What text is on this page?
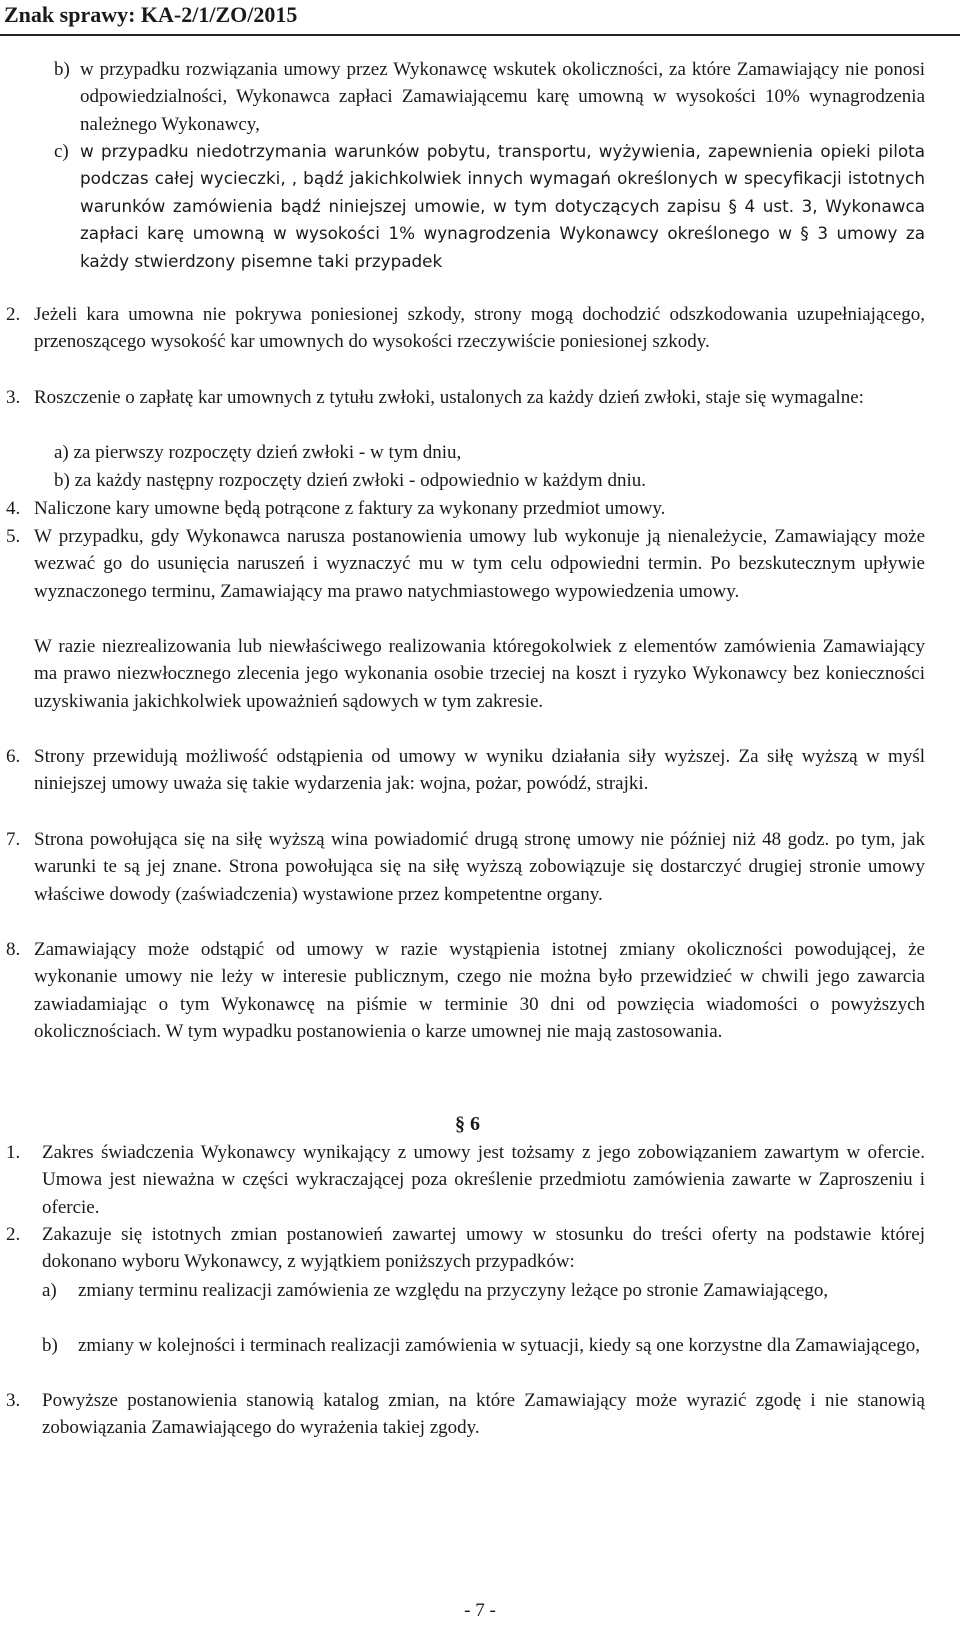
Znak sprawy: KA-2/1/ZO/2015
b) w przypadku rozwiązania umowy przez Wykonawcę wskutek okoliczności, za które Zamawiający nie ponosi odpowiedzialności, Wykonawca zapłaci Zamawiającemu karę umowną w wysokości 10% wynagrodzenia należnego Wykonawcy,
c) w przypadku niedotrzymania warunków pobytu, transportu, wyżywienia, zapewnienia opieki pilota podczas całej wycieczki, , bądź jakichkolwiek innych wymagań określonych w specyfikacji istotnych warunków zamówienia bądź niniejszej umowie, w tym dotyczących zapisu § 4 ust. 3, Wykonawca zapłaci karę umowną w wysokości 1% wynagrodzenia Wykonawcy określonego w § 3 umowy za każdy stwierdzony pisemne taki przypadek
2. Jeżeli kara umowna nie pokrywa poniesionej szkody, strony mogą dochodzić odszkodowania uzupełniającego, przenoszącego wysokość kar umownych do wysokości rzeczywiście poniesionej szkody.
3. Roszczenie o zapłatę kar umownych z tytułu zwłoki, ustalonych za każdy dzień zwłoki, staje się wymagalne:
a) za pierwszy rozpoczęty dzień zwłoki - w tym dniu,
b) za każdy następny rozpoczęty dzień zwłoki - odpowiednio w każdym dniu.
4. Naliczone kary umowne będą potrącone z faktury za wykonany przedmiot umowy.
5. W przypadku, gdy Wykonawca narusza postanowienia umowy lub wykonuje ją nienależycie, Zamawiający może wezwać go do usunięcia naruszeń i wyznaczyć mu w tym celu odpowiedni termin. Po bezskutecznym upływie wyznaczonego terminu, Zamawiający ma prawo natychmiastowego wypowiedzenia umowy.
W razie niezrealizowania lub niewłaściwego realizowania któregokolwiek z elementów zamówienia Zamawiający ma prawo niezwłocznego zlecenia jego wykonania osobie trzeciej na koszt i ryzyko Wykonawcy bez konieczności uzyskiwania jakichkolwiek upoważnień sądowych w tym zakresie.
6. Strony przewidują możliwość odstąpienia od umowy w wyniku działania siły wyższej. Za siłę wyższą w myśl niniejszej umowy uważa się takie wydarzenia jak: wojna, pożar, powódź, strajki.
7. Strona powołująca się na siłę wyższą wina powiadomić drugą stronę umowy nie później niż 48 godz. po tym, jak warunki te są jej znane. Strona powołująca się na siłę wyższą zobowiązuje się dostarczyć drugiej stronie umowy właściwe dowody (zaświadczenia) wystawione przez kompetentne organy.
8. Zamawiający może odstąpić od umowy w razie wystąpienia istotnej zmiany okoliczności powodującej, że wykonanie umowy nie leży w interesie publicznym, czego nie można było przewidzieć w chwili jego zawarcia zawiadamiając o tym Wykonawcę na piśmie w terminie 30 dni od powzięcia wiadomości o powyższych okolicznościach. W tym wypadku postanowienia o karze umownej nie mają zastosowania.
§ 6
1. Zakres świadczenia Wykonawcy wynikający z umowy jest tożsamy z jego zobowiązaniem zawartym w ofercie. Umowa jest nieważna w części wykraczającej poza określenie przedmiotu zamówienia zawarte w Zaproszeniu i ofercie.
2. Zakazuje się istotnych zmian postanowień zawartej umowy w stosunku do treści oferty na podstawie której dokonano wyboru Wykonawcy, z wyjątkiem poniższych przypadków:
a) zmiany terminu realizacji zamówienia ze względu na przyczyny leżące po stronie Zamawiającego,
b) zmiany w kolejności i terminach realizacji zamówienia w sytuacji, kiedy są one korzystne dla Zamawiającego,
3. Powyższe postanowienia stanowią katalog zmian, na które Zamawiający może wyrazić zgodę i nie stanowią zobowiązania Zamawiającego do wyrażenia takiej zgody.
- 7 -
